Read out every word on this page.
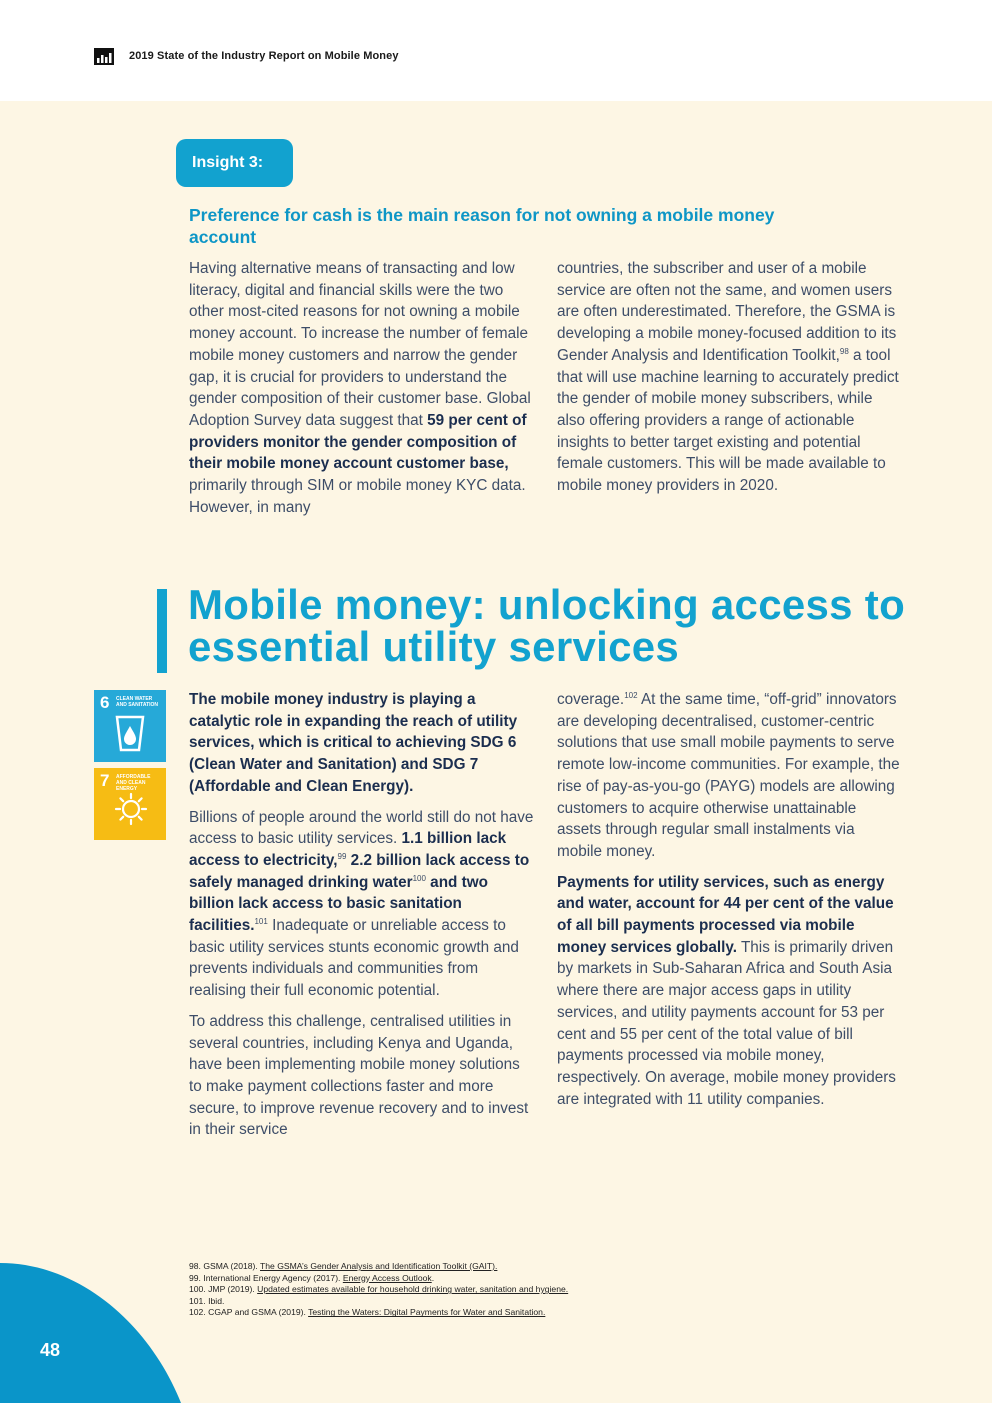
2019 State of the Industry Report on Mobile Money
Insight 3:
Preference for cash is the main reason for not owning a mobile money account

Having alternative means of transacting and low literacy, digital and financial skills were the two other most-cited reasons for not owning a mobile money account. To increase the number of female mobile money customers and narrow the gender gap, it is crucial for providers to understand the gender composition of their customer base. Global Adoption Survey data suggest that 59 per cent of providers monitor the gender composition of their mobile money account customer base, primarily through SIM or mobile money KYC data. However, in many

countries, the subscriber and user of a mobile service are often not the same, and women users are often underestimated. Therefore, the GSMA is developing a mobile money-focused addition to its Gender Analysis and Identification Toolkit,$^{98}$ a tool that will use machine learning to accurately predict the gender of mobile money subscribers, while also offering providers a range of actionable insights to better target existing and potential female customers. This will be made available to mobile money providers in 2020.

Mobile money: unlocking access to essential utility services
6 CLEAN WATER AND SANITATION
7 AFFORDABLE AND CLEAN ENERGY

The mobile money industry is playing a catalytic role in expanding the reach of utility services, which is critical to achieving SDG 6 (Clean Water and Sanitation) and SDG 7 (Affordable and Clean Energy).

Billions of people around the world still do not have access to basic utility services. 1.1 billion lack access to electricity,$^{99}$ 2.2 billion lack access to safely managed drinking water$^{100}$ and two billion lack access to basic sanitation facilities.$^{101}$ Inadequate or unreliable access to basic utility services stunts economic growth and prevents individuals and communities from realising their full economic potential.

To address this challenge, centralised utilities in several countries, including Kenya and Uganda, have been implementing mobile money solutions to make payment collections faster and more secure, to improve revenue recovery and to invest in their service

coverage.$^{102}$ At the same time, “off-grid” innovators are developing decentralised, customer-centric solutions that use small mobile payments to serve remote low-income communities. For example, the rise of pay-as-you-go (PAYG) models are allowing customers to acquire otherwise unattainable assets through regular small instalments via mobile money.

Payments for utility services, such as energy and water, account for 44 per cent of the value of all bill payments processed via mobile money services globally. This is primarily driven by markets in Sub-Saharan Africa and South Asia where there are major access gaps in utility services, and utility payments account for 53 per cent and 55 per cent of the total value of bill payments processed via mobile money, respectively. On average, mobile money providers are integrated with 11 utility companies.

98. GSMA (2018). The GSMA’s Gender Analysis and Identification Toolkit (GAIT).
99. International Energy Agency (2017). Energy Access Outlook.
100. JMP (2019). Updated estimates available for household drinking water, sanitation and hygiene.
101. Ibid.
102. CGAP and GSMA (2019). Testing the Waters: Digital Payments for Water and Sanitation.
48
